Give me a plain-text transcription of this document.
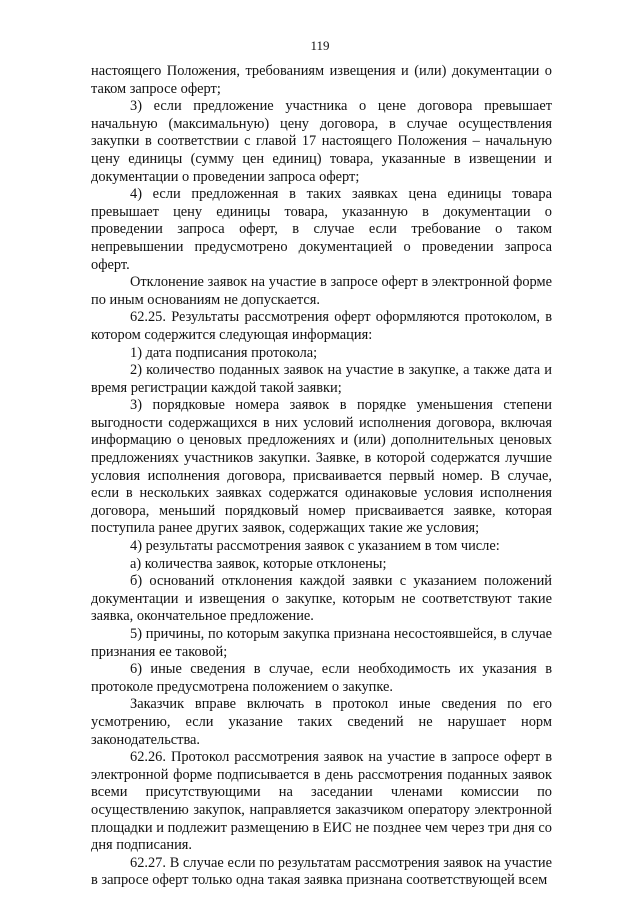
119

настоящего Положения, требованиям извещения и (или) документации о таком запросе оферт;

3) если предложение участника о цене договора превышает начальную (максимальную) цену договора, в случае осуществления закупки в соответствии с главой 17 настоящего Положения – начальную цену единицы (сумму цен единиц) товара, указанные в извещении и документации о проведении запроса оферт;

4) если предложенная в таких заявках цена единицы товара превышает цену единицы товара, указанную в документации о проведении запроса оферт, в случае если требование о таком непревышении предусмотрено документацией о проведении запроса оферт.

Отклонение заявок на участие в запросе оферт в электронной форме по иным основаниям не допускается.

62.25. Результаты рассмотрения оферт оформляются протоколом, в котором содержится следующая информация:

1) дата подписания протокола;

2) количество поданных заявок на участие в закупке, а также дата и время регистрации каждой такой заявки;

3) порядковые номера заявок в порядке уменьшения степени выгодности содержащихся в них условий исполнения договора, включая информацию о ценовых предложениях и (или) дополнительных ценовых предложениях участников закупки. Заявке, в которой содержатся лучшие условия исполнения договора, присваивается первый номер. В случае, если в нескольких заявках содержатся одинаковые условия исполнения договора, меньший порядковый номер присваивается заявке, которая поступила ранее других заявок, содержащих такие же условия;

4) результаты рассмотрения заявок с указанием в том числе:

а) количества заявок, которые отклонены;

б) оснований отклонения каждой заявки с указанием положений документации и извещения о закупке, которым не соответствуют такие заявка, окончательное предложение.

5) причины, по которым закупка признана несостоявшейся, в случае признания ее таковой;

6) иные сведения в случае, если необходимость их указания в протоколе предусмотрена положением о закупке.

Заказчик вправе включать в протокол иные сведения по его усмотрению, если указание таких сведений не нарушает норм законодательства.

62.26. Протокол рассмотрения заявок на участие в запросе оферт в электронной форме подписывается в день рассмотрения поданных заявок всеми присутствующими на заседании членами комиссии по осуществлению закупок, направляется заказчиком оператору электронной площадки и подлежит размещению в ЕИС не позднее чем через три дня со дня подписания.

62.27. В случае если по результатам рассмотрения заявок на участие в запросе оферт только одна такая заявка признана соответствующей всем
